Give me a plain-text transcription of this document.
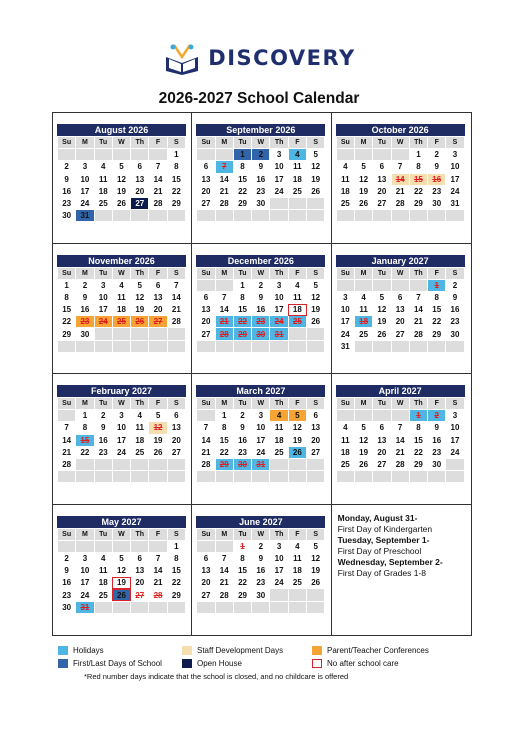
DISCOVERY
2026-2027 School Calendar
August 2026
Su	M	Tu	W	Th	F	S
						1
2	3	4	5	6	7	8
9	10	11	12	13	14	15
16	17	18	19	20	21	22
23	24	25	26	27	28	29
30	31					
September 2026
Su	M	Tu	W	Th	F	S
		1	2	3	4	5
6	7	8	9	10	11	12
13	14	15	16	17	18	19
20	21	22	23	24	25	26
27	28	29	30			

October 2026
Su	M	Tu	W	Th	F	S
				1	2	3
4	5	6	7	8	9	10
11	12	13	14	15	16	17
18	19	20	21	22	23	24
25	26	27	28	29	30	31

November 2026
Su	M	Tu	W	Th	F	S
1	2	3	4	5	6	7
8	9	10	11	12	13	14
15	16	17	18	19	20	21
22	23	24	25	26	27	28
29	30					

December 2026
Su	M	Tu	W	Th	F	S
		1	2	3	4	5
6	7	8	9	10	11	12
13	14	15	16	17	18	19
20	21	22	23	24	25	26
27	28	29	30	31		

January 2027
Su	M	Tu	W	Th	F	S
					1	2
3	4	5	6	7	8	9
10	11	12	13	14	15	16
17	18	19	20	21	22	23
24	25	26	27	28	29	30
31						
February 2027
Su	M	Tu	W	Th	F	S
	1	2	3	4	5	6
7	8	9	10	11	12	13
14	15	16	17	18	19	20
21	22	23	24	25	26	27
28						

March 2027
Su	M	Tu	W	Th	F	S
	1	2	3	4	5	6
7	8	9	10	11	12	13
14	15	16	17	18	19	20
21	22	23	24	25	26	27
28	29	30	31			

April 2027
Su	M	Tu	W	Th	F	S
				1	2	3
4	5	6	7	8	9	10
11	12	13	14	15	16	17
18	19	20	21	22	23	24
25	26	27	28	29	30	

May 2027
Su	M	Tu	W	Th	F	S
						1
2	3	4	5	6	7	8
9	10	11	12	13	14	15
16	17	18	19	20	21	22
23	24	25	26	27	28	29
30	31					
June 2027
Su	M	Tu	W	Th	F	S
		1	2	3	4	5
6	7	8	9	10	11	12
13	14	15	16	17	18	19
20	21	22	23	24	25	26
27	28	29	30			

Monday, August 31-
First Day of Kindergarten
Tuesday, September 1-
First Day of Preschool
Wednesday, September 2-
First Day of Grades 1-8
Holidays
First/Last Days of School
Staff Development Days
Open House
Parent/Teacher Conferences
No after school care
*Red number days indicate that the school is closed, and no childcare is offered
